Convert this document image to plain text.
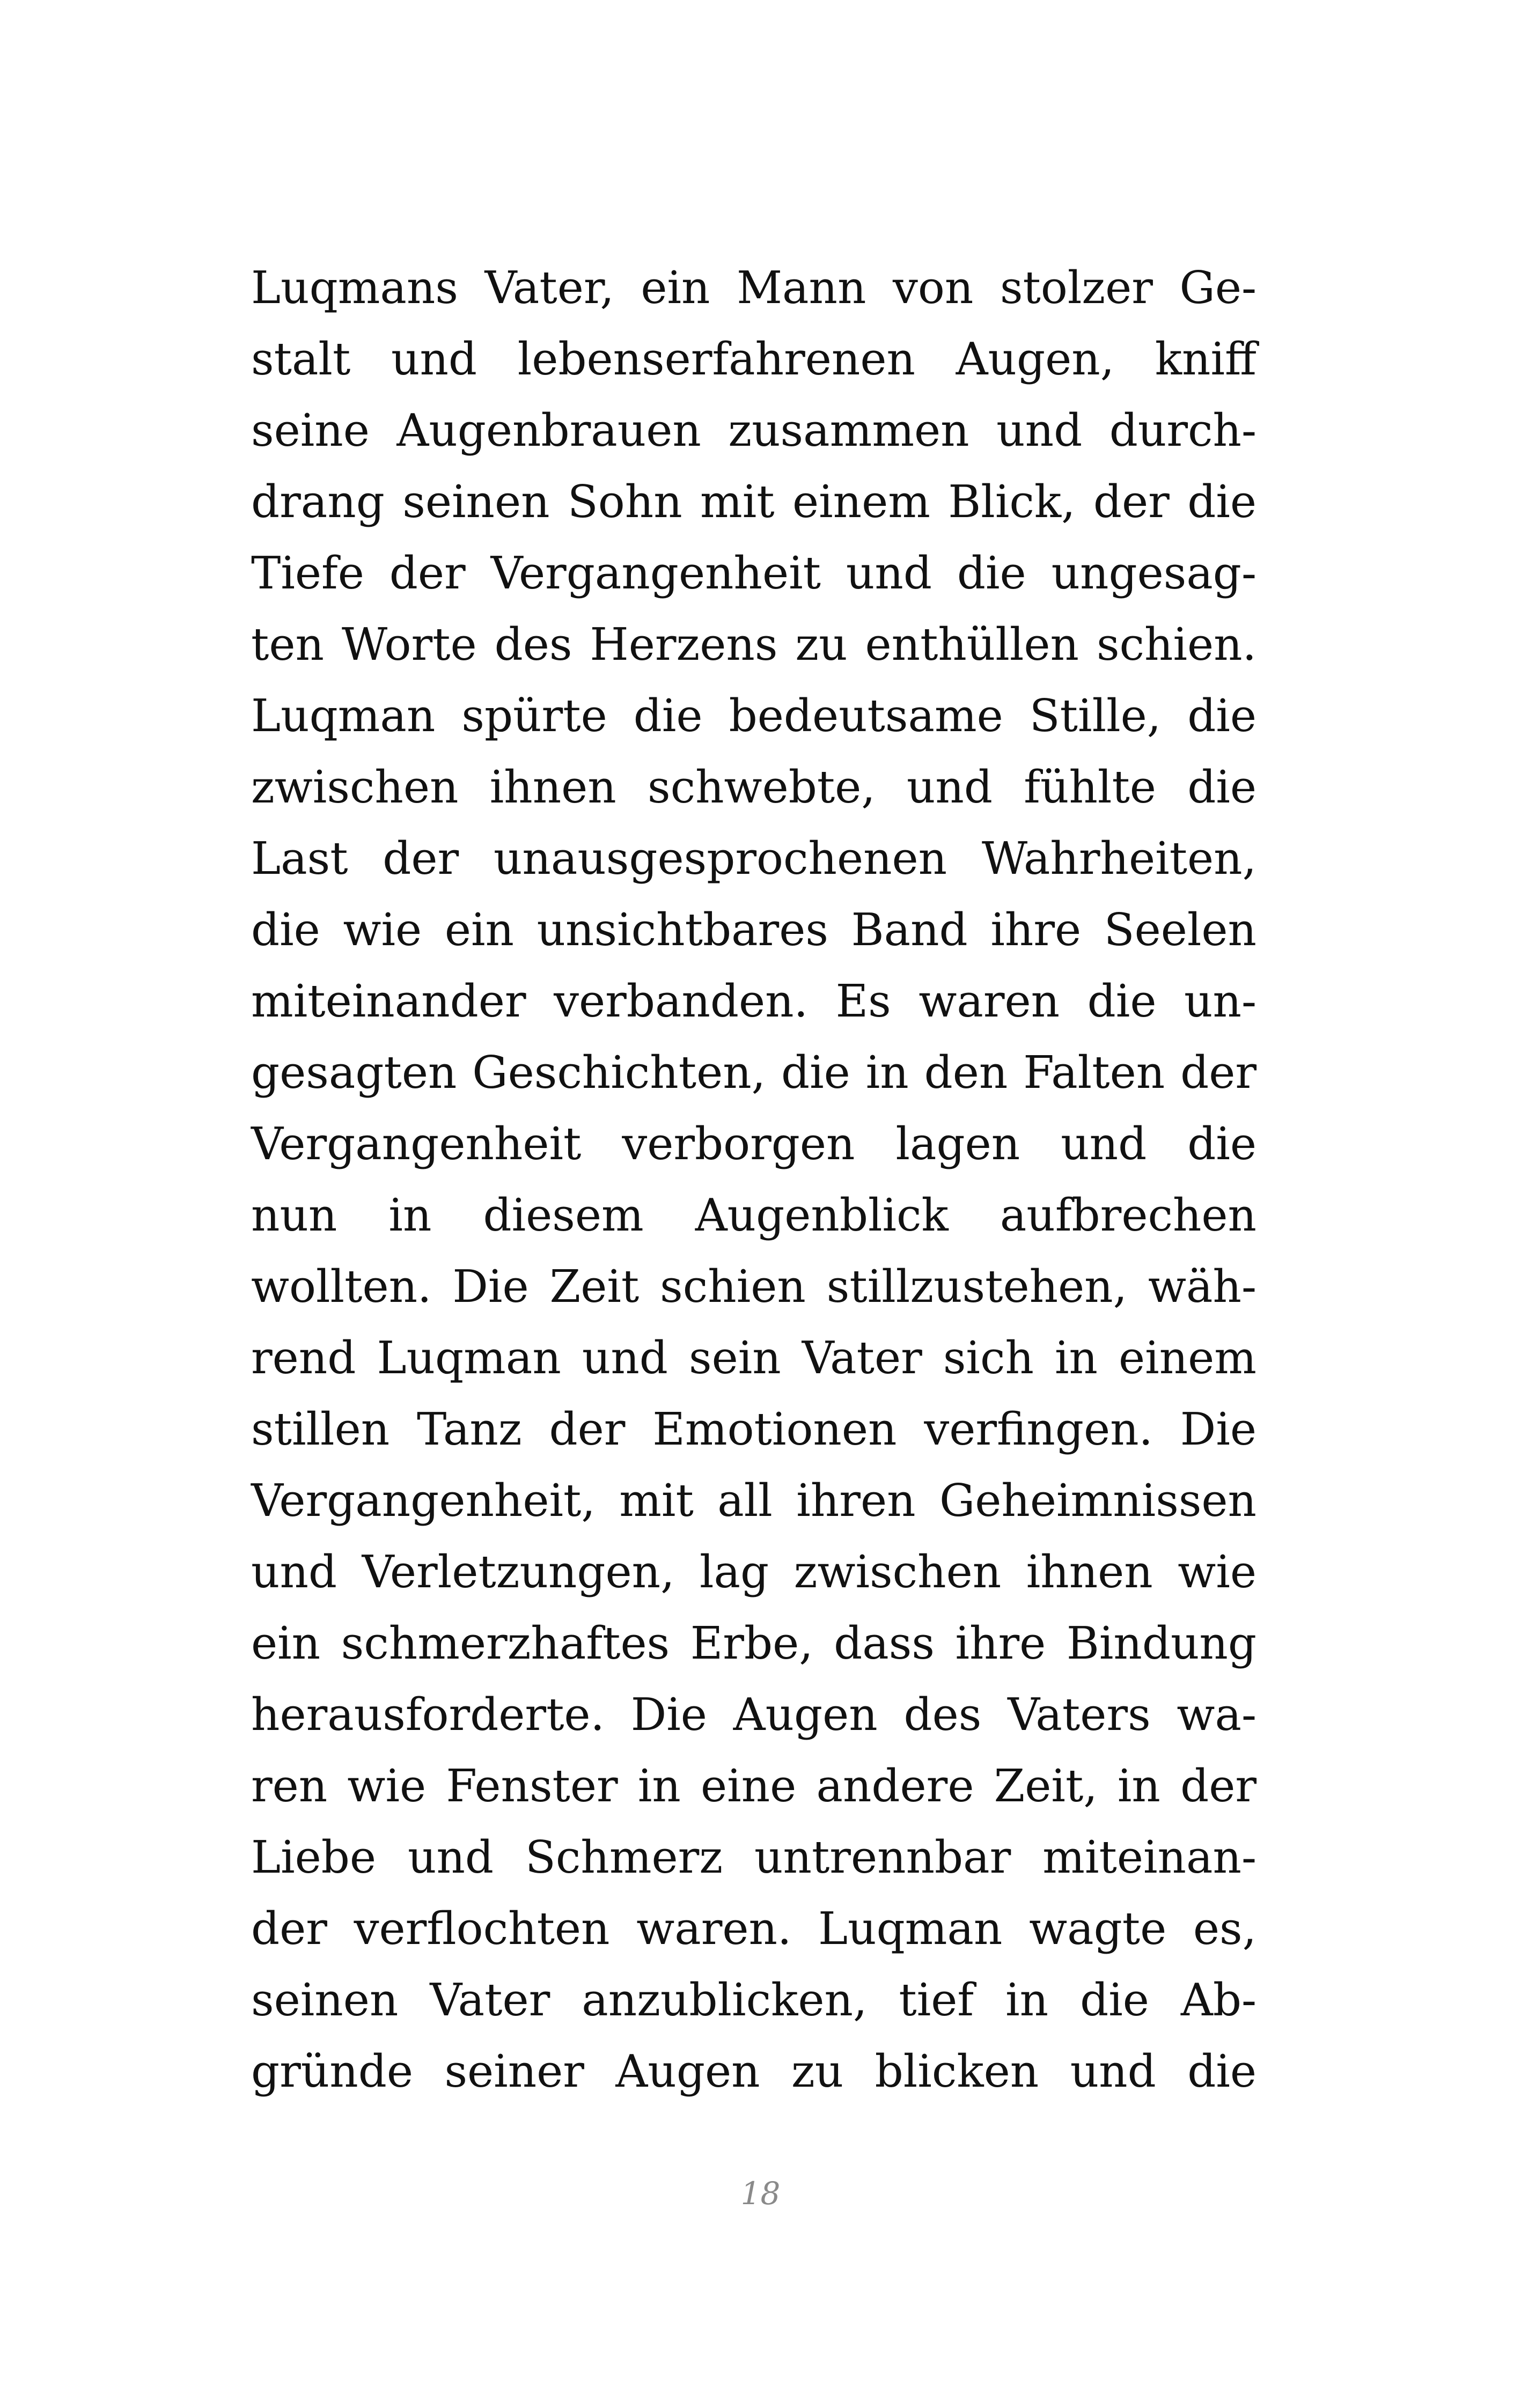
Luqmans Vater, ein Mann von stolzer Ge-
stalt und lebenserfahrenen Augen, kniff
seine Augenbrauen zusammen und durch-
drang seinen Sohn mit einem Blick, der die
Tiefe der Vergangenheit und die ungesag-
ten Worte des Herzens zu enthüllen schien.
Luqman spürte die bedeutsame Stille, die
zwischen ihnen schwebte, und fühlte die
Last der unausgesprochenen Wahrheiten,
die wie ein unsichtbares Band ihre Seelen
miteinander verbanden. Es waren die un-
gesagten Geschichten, die in den Falten der
Vergangenheit verborgen lagen und die
nun in diesem Augenblick aufbrechen
wollten. Die Zeit schien stillzustehen, wäh-
rend Luqman und sein Vater sich in einem
stillen Tanz der Emotionen verfingen. Die
Vergangenheit, mit all ihren Geheimnissen
und Verletzungen, lag zwischen ihnen wie
ein schmerzhaftes Erbe, dass ihre Bindung
herausforderte. Die Augen des Vaters wa-
ren wie Fenster in eine andere Zeit, in der
Liebe und Schmerz untrennbar miteinan-
der verflochten waren. Luqman wagte es,
seinen Vater anzublicken, tief in die Ab-
gründe seiner Augen zu blicken und die
18
